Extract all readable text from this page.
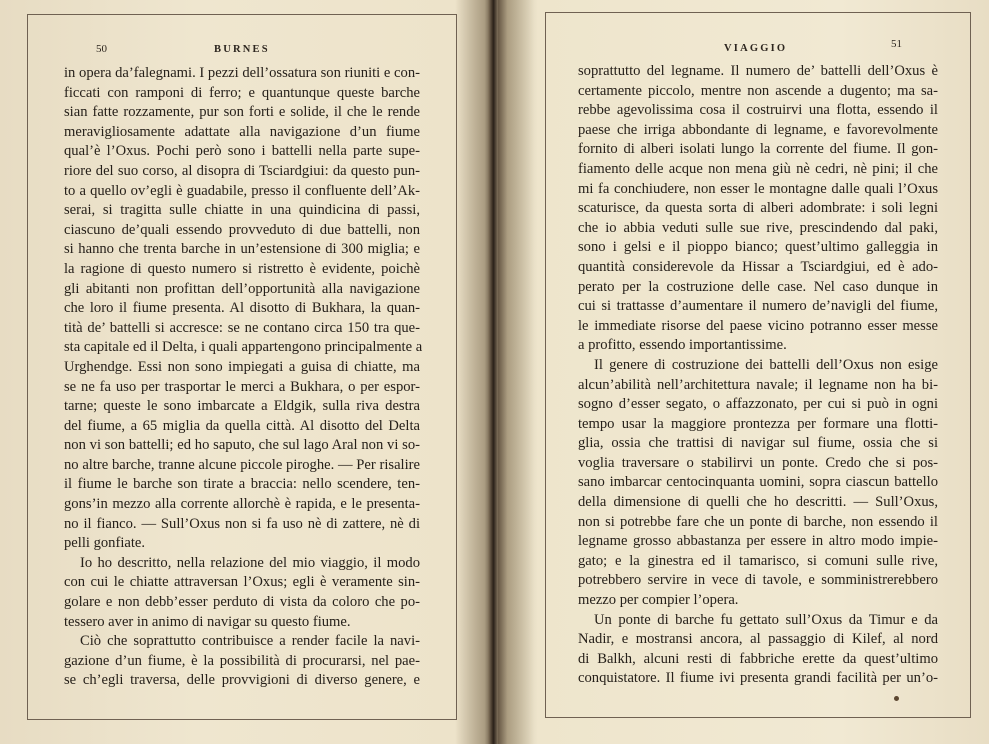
50	BURNES
in opera da’falegnami. I pezzi dell’ossatura son riuniti e con-
ficcati con ramponi di ferro; e quantunque queste barche
sian fatte rozzamente, pur son forti e solide, il che le rende
meravigliosamente adattate alla navigazione d’un fiume
qual’è l’Oxus. Pochi però sono i battelli nella parte supe-
riore del suo corso, al disopra di Tsciardgiui: da questo pun-
to a quello ov’egli è guadabile, presso il confluente dell’Ak-
serai, si tragitta sulle chiatte in una quindicina di passi,
ciascuno de’quali essendo provveduto di due battelli, non
si hanno che trenta barche in un’estensione di 300 miglia; e
la ragione di questo numero si ristretto è evidente, poichè
gli abitanti non profittan dell’opportunità alla navigazione
che loro il fiume presenta. Al disotto di Bukhara, la quan-
tità de’ battelli si accresce: se ne contano circa 150 tra que-
sta capitale ed il Delta, i quali appartengono principalmente a
Urghendge. Essi non sono impiegati a guisa di chiatte, ma
se ne fa uso per trasportar le merci a Bukhara, o per espor-
tarne; queste le sono imbarcate a Eldgik, sulla riva destra
del fiume, a 65 miglia da quella città. Al disotto del Delta
non vi son battelli; ed ho saputo, che sul lago Aral non vi so-
no altre barche, tranne alcune piccole piroghe. — Per risalire
il fiume le barche son tirate a braccia: nello scendere, ten-
gons’in mezzo alla corrente allorchè è rapida, e le presenta-
no il fianco. — Sull’Oxus non si fa uso nè di zattere, nè di
pelli gonfiate.
Io ho descritto, nella relazione del mio viaggio, il modo
con cui le chiatte attraversan l’Oxus; egli è veramente sin-
golare e non debb’esser perduto di vista da coloro che po-
tessero aver in animo di navigar su questo fiume.
Ciò che soprattutto contribuisce a render facile la navi-
gazione d’un fiume, è la possibilità di procurarsi, nel pae-
se ch’egli traversa, delle provvigioni di diverso genere, e
VIAGGIO	51
soprattutto del legname. Il numero de’ battelli dell’Oxus è
certamente piccolo, mentre non ascende a dugento; ma sa-
rebbe agevolissima cosa il costruirvi una flotta, essendo il
paese che irriga abbondante di legname, e favorevolmente
fornito di alberi isolati lungo la corrente del fiume. Il gon-
fiamento delle acque non mena giù nè cedri, nè pini; il che
mi fa conchiudere, non esser le montagne dalle quali l’Oxus
scaturisce, da questa sorta di alberi adombrate: i soli legni
che io abbia veduti sulle sue rive, prescindendo dal paki,
sono i gelsi e il pioppo bianco; quest’ultimo galleggia in
quantità considerevole da Hissar a Tsciardgiui, ed è ado-
perato per la costruzione delle case. Nel caso dunque in
cui si trattasse d’aumentare il numero de’navigli del fiume,
le immediate risorse del paese vicino potranno esser messe
a profitto, essendo importantissime.
Il genere di costruzione dei battelli dell’Oxus non esige
alcun’abilità nell’architettura navale; il legname non ha bi-
sogno d’esser segato, o affazzonato, per cui si può in ogni
tempo usar la maggiore prontezza per formare una flotti-
glia, ossia che trattisi di navigar sul fiume, ossia che si
voglia traversare o stabilirvi un ponte. Credo che si pos-
sano imbarcar centocinquanta uomini, sopra ciascun battello
della dimensione di quelli che ho descritti. — Sull’Oxus,
non si potrebbe fare che un ponte di barche, non essendo il
legname grosso abbastanza per essere in altro modo impie-
gato; e la ginestra ed il tamarisco, si comuni sulle rive,
potrebbero servire in vece di tavole, e somministrerebbero
mezzo per compier l’opera.
Un ponte di barche fu gettato sull’Oxus da Timur e da
Nadir, e mostransi ancora, al passaggio di Kilef, al nord
di Balkh, alcuni resti di fabbriche erette da quest’ultimo
conquistatore. Il fiume ivi presenta grandi facilità per un’o-
